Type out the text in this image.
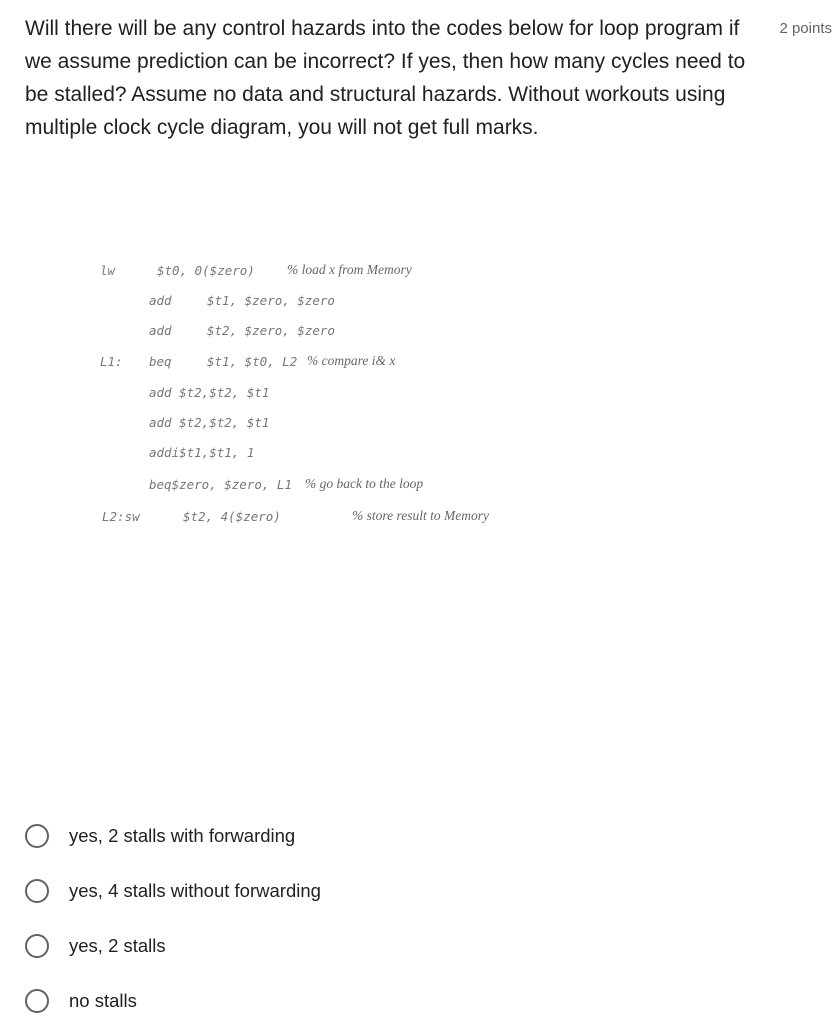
Will there will be any control hazards into the codes below for loop program if we assume prediction can be incorrect? If yes, then how many cycles need to be stalled? Assume no data and structural hazards. Without workouts using multiple clock cycle diagram, you will not get full marks.

2 points
lw	$t0, 0($zero) % load x from Memory
add	$t1, $zero, $zero
add	$t2, $zero, $zero
L1: beq	$t1, $t0, L2 % compare i& x
add $t2,$t2, $t1
add $t2,$t2, $t1
addi$t1,$t1, 1
beq$zero, $zero, L1 % go back to the loop
L2:sw	$t2, 4($zero)	% store result to Memory
yes, 2 stalls with forwarding
yes, 4 stalls without forwarding
yes, 2 stalls
no stalls
